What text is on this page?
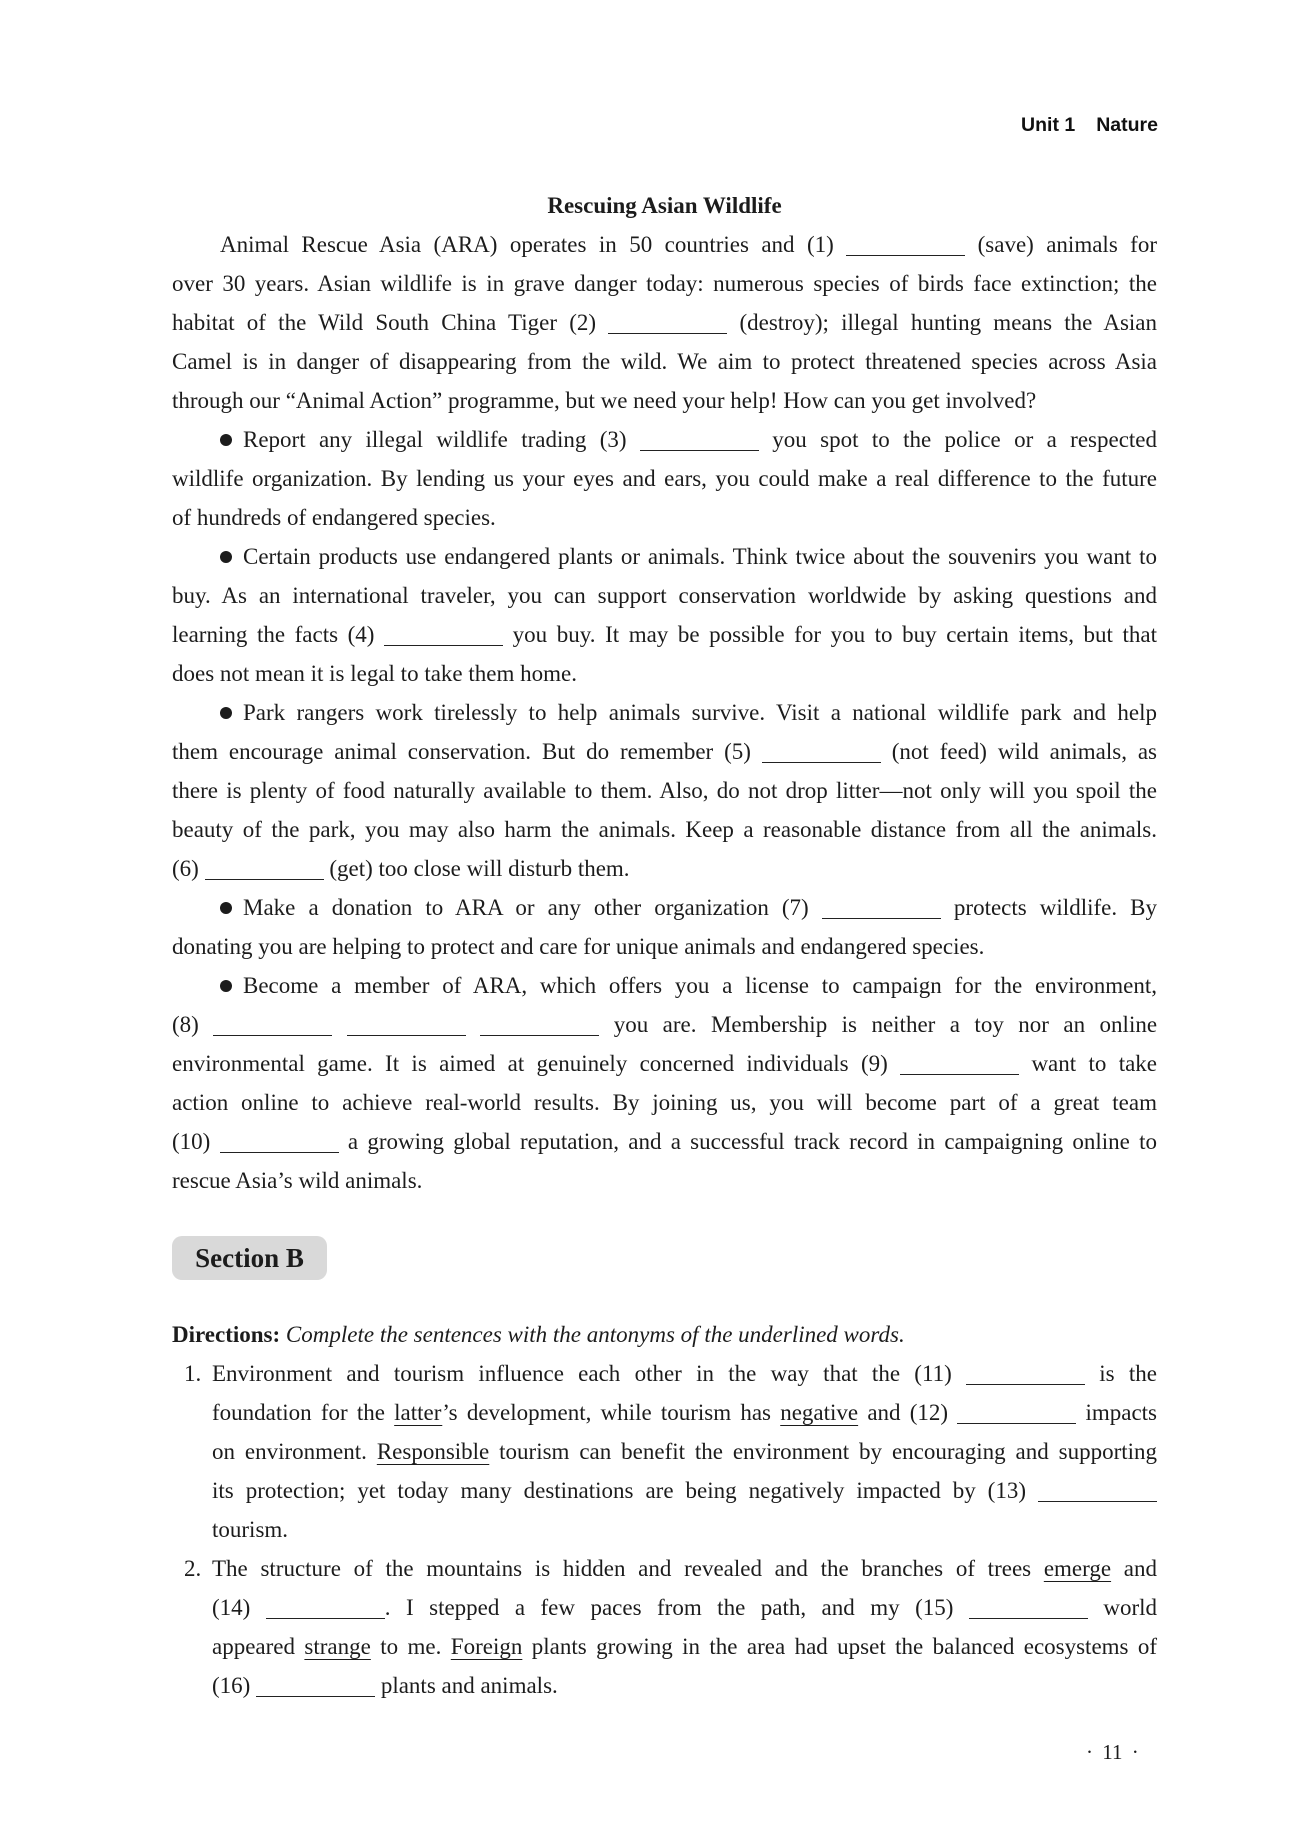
Unit 1 Nature
Rescuing Asian Wildlife
Animal Rescue Asia (ARA) operates in 50 countries and (1)	(save) animals for
over 30 years. Asian wildlife is in grave danger today: numerous species of birds face extinction; the
habitat of the Wild South China Tiger (2)	(destroy); illegal hunting means the Asian
Camel is in danger of disappearing from the wild. We aim to protect threatened species across Asia
through our “Animal Action” programme, but we need your help! How can you get involved?
Report any illegal wildlife trading (3)	you spot to the police or a respected
wildlife organization. By lending us your eyes and ears, you could make a real difference to the future
of hundreds of endangered species.
Certain products use endangered plants or animals. Think twice about the souvenirs you want to
buy. As an international traveler, you can support conservation worldwide by asking questions and
learning the facts (4)	you buy. It may be possible for you to buy certain items, but that
does not mean it is legal to take them home.
Park rangers work tirelessly to help animals survive. Visit a national wildlife park and help
them encourage animal conservation. But do remember (5)	(not feed) wild animals, as
there is plenty of food naturally available to them. Also, do not drop litter—not only will you spoil the
beauty of the park, you may also harm the animals. Keep a reasonable distance from all the animals.
(6)	(get) too close will disturb them.
Make a donation to ARA or any other organization (7)	protects wildlife. By
donating you are helping to protect and care for unique animals and endangered species.
Become a member of ARA, which offers you a license to campaign for the environment,
(8)	you are. Membership is neither a toy nor an online
environmental game. It is aimed at genuinely concerned individuals (9)	want to take
action online to achieve real-world results. By joining us, you will become part of a great team
(10)	a growing global reputation, and a successful track record in campaigning online to
rescue Asia’s wild animals.
Section B
Directions: Complete the sentences with the antonyms of the underlined words.
1. Environment and tourism influence each other in the way that the (11)	is the
foundation for the latter’s development, while tourism has negative and (12)	impacts
on environment. Responsible tourism can benefit the environment by encouraging and supporting
its protection; yet today many destinations are being negatively impacted by (13)
tourism.
2. The structure of the mountains is hidden and revealed and the branches of trees emerge and
(14)	. I stepped a few paces from the path, and my (15)	world
appeared strange to me. Foreign plants growing in the area had upset the balanced ecosystems of
(16)	plants and animals.
· 11 ·
